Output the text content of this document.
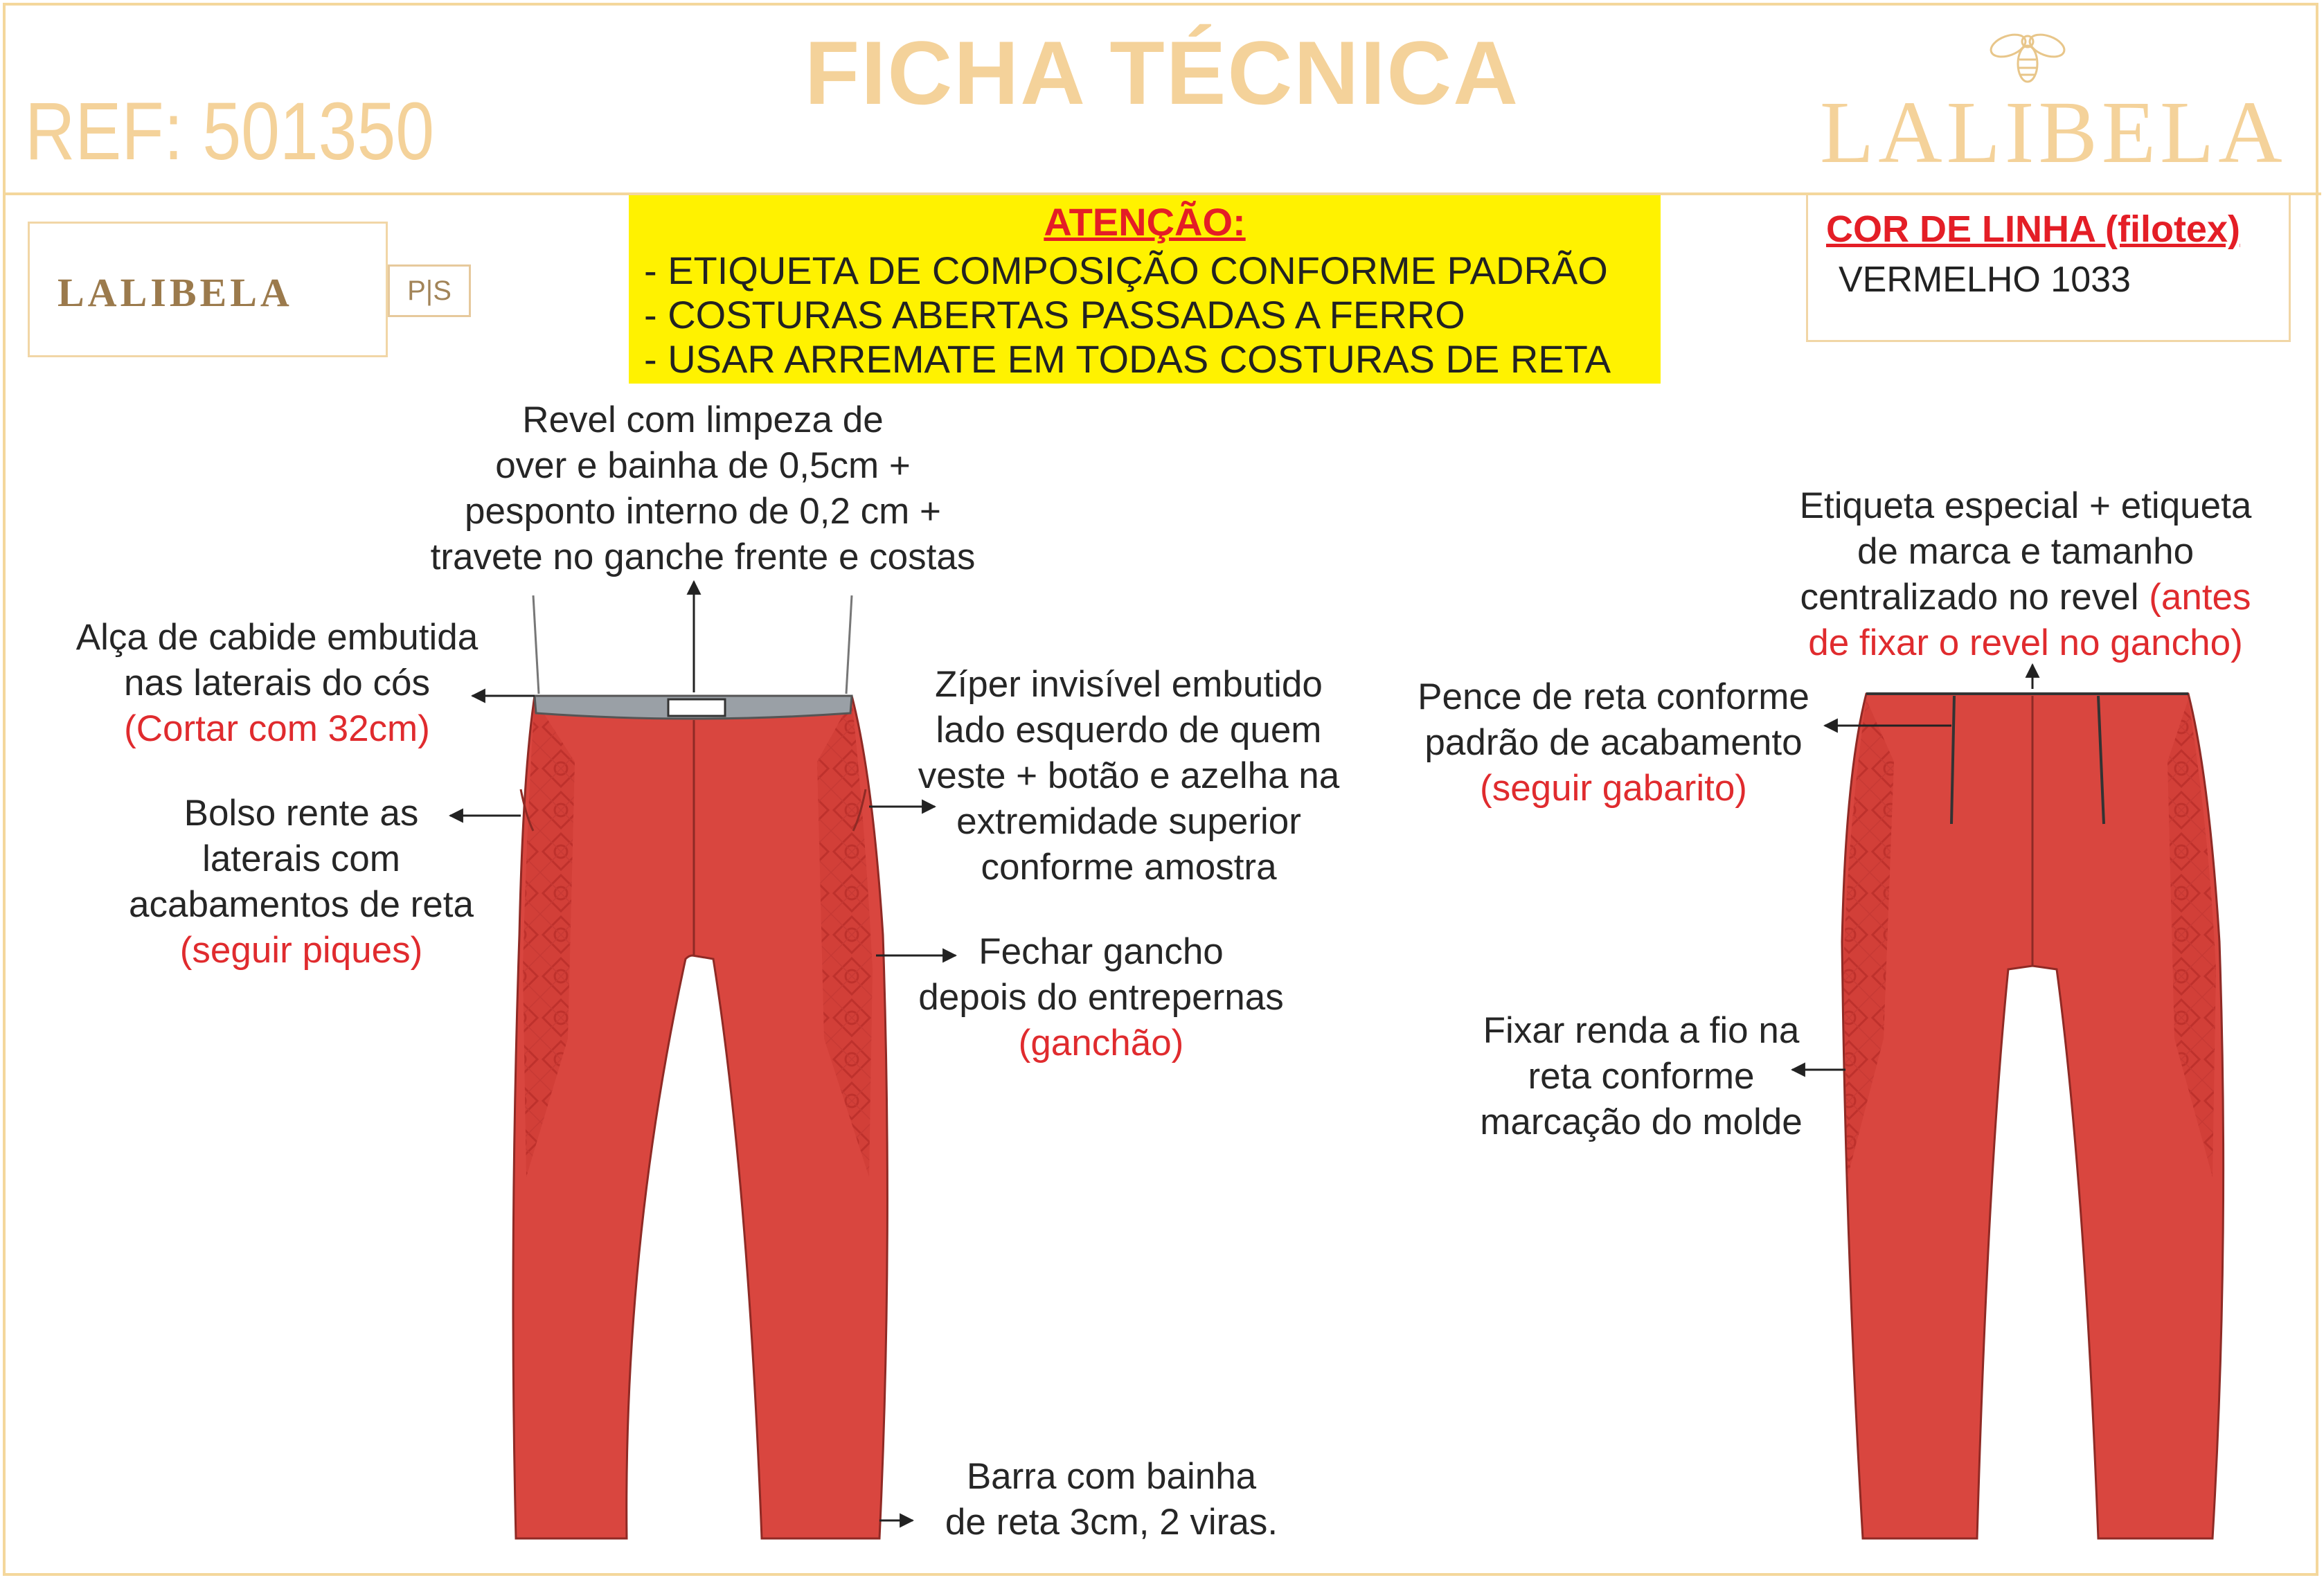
FICHA TÉCNICA
REF: 501350	LALIBELA
LALIBELA	P|S
ATENÇÃO:
- ETIQUETA DE COMPOSIÇÃO CONFORME PADRÃO
- COSTURAS ABERTAS PASSADAS A FERRO
- USAR ARREMATE EM TODAS COSTURAS DE RETA
COR DE LINHA (filotex)
VERMELHO 1033
Revel com limpeza de
over e bainha de 0,5cm +
pesponto interno de 0,2 cm +
travete no ganche frente e costas
Alça de cabide embutida
nas laterais do cós
(Cortar com 32cm)
Bolso rente as
laterais com
acabamentos de reta
(seguir piques)
Zíper invisível embutido
lado esquerdo de quem
veste + botão e azelha na
extremidade superior
conforme amostra
Fechar gancho
depois do entrepernas
(ganchão)
Barra com bainha
de reta 3cm, 2 viras.
Etiqueta especial + etiqueta
de marca e tamanho
centralizado no revel (antes
de fixar o revel no gancho)
Pence de reta conforme
padrão de acabamento
(seguir gabarito)
Fixar renda a fio na
reta conforme
marcação do molde
